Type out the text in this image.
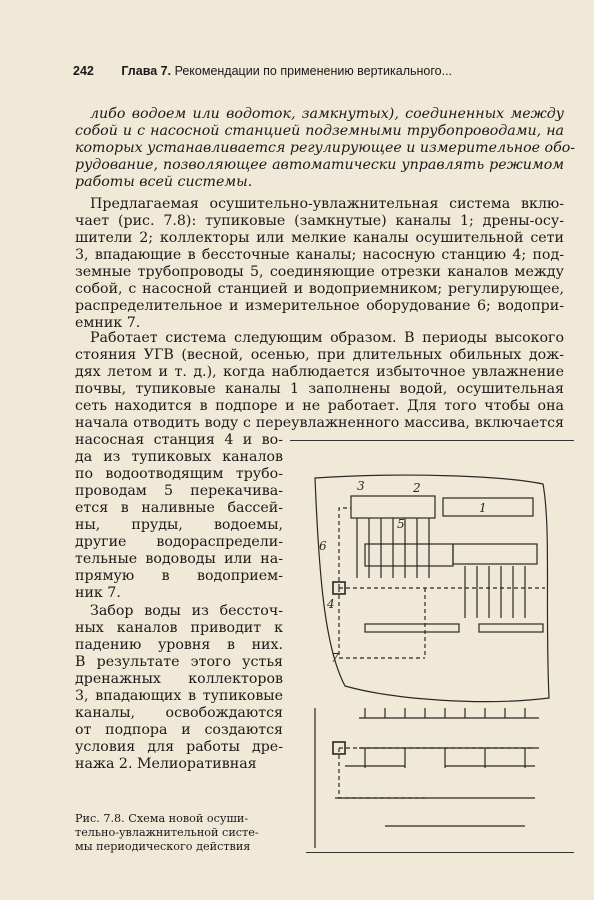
242 Глава 7. Рекомендации по применению вертикального...
либо водоем или водоток, замкнутых), соединенных между
собой и с насосной станцией подземными трубопроводами, на
которых устанавливается регулирующее и измерительное обо-
рудование, позволяющее автоматически управлять режимом
работы всей системы.
Предлагаемая осушительно-увлажнительная система вклю-
чает (рис. 7.8): тупиковые (замкнутые) каналы 1; дрены-осу-
шители 2; коллекторы или мелкие каналы осушительной сети
3, впадающие в бессточные каналы; насосную станцию 4; под-
земные трубопроводы 5, соединяющие отрезки каналов между
собой, с насосной станцией и водоприемником; регулирующее,
распределительное и измерительное оборудование 6; водопри-
емник 7.
Работает система следующим образом. В периоды высокого
стояния УГВ (весной, осенью, при длительных обильных дож-
дях летом и т. д.), когда наблюдается избыточное увлажнение
почвы, тупиковые каналы 1 заполнены водой, осушительная
сеть находится в подпоре и не работает. Для того чтобы она
начала отводить воду с переувлажненного массива, включается
насосная станция 4 и во-
да из тупиковых каналов
по водоотводящим трубо-
проводам 5 перекачива-
ется в наливные бассей-
ны, пруды, водоемы,
другие водораспредели-
тельные водоводы или на-
прямую в водоприем-
ник 7.
Забор воды из бессточ-
ных каналов приводит к
падению уровня в них.
В результате этого устья
дренажных коллекторов
3, впадающих в тупиковые
каналы, освобождаются
от подпора и создаются
условия для работы дре-
нажа 2. Мелиоративная
3	2
1
5
6
4
7
Рис. 7.8. Схема новой осуши-
тельно-увлажнительной систе-
мы периодического действия
